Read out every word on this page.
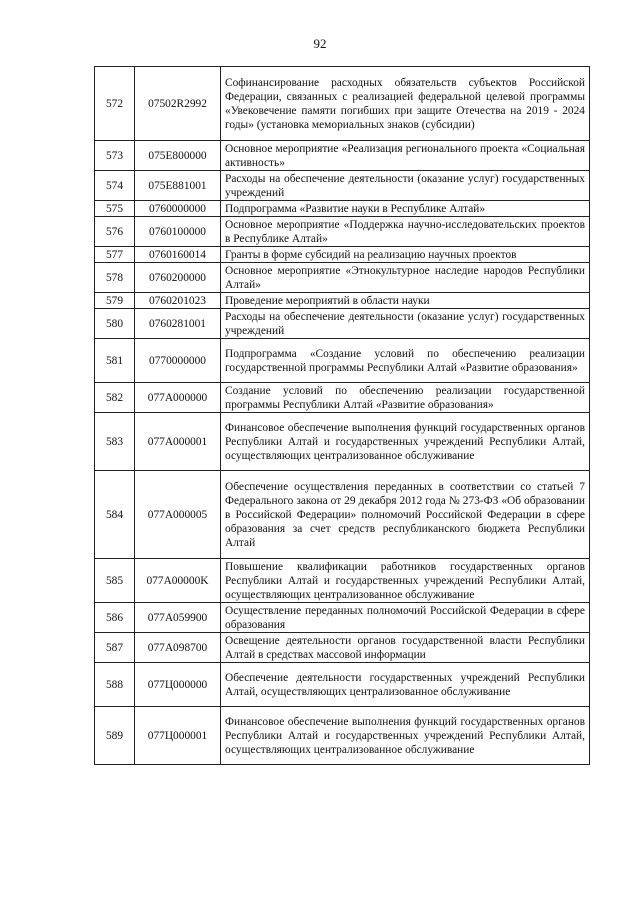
92
572	07502R2992	Софинансирование расходных обязательств субъектов Российской Федерации, связанных с реализацией федеральной целевой программы «Увековечение памяти погибших при защите Отечества на 2019 - 2024 годы» (установка мемориальных знаков (субсидии)
573	075E800000	Основное мероприятие «Реализация регионального проекта «Социальная активность»
574	075E881001	Расходы на обеспечение деятельности (оказание услуг) государственных учреждений
575	0760000000	Подпрограмма «Развитие науки в Республике Алтай»
576	0760100000	Основное мероприятие «Поддержка научно-исследовательских проектов в Республике Алтай»
577	0760160014	Гранты в форме субсидий на реализацию научных проектов
578	0760200000	Основное мероприятие «Этнокультурное наследие народов Республики Алтай»
579	0760201023	Проведение мероприятий в области науки
580	0760281001	Расходы на обеспечение деятельности (оказание услуг) государственных учреждений
581	0770000000	Подпрограмма «Создание условий по обеспечению реализации государственной программы Республики Алтай «Развитие образования»
582	077A000000	Создание условий по обеспечению реализации государственной программы Республики Алтай «Развитие образования»
583	077A000001	Финансовое обеспечение выполнения функций государственных органов Республики Алтай и государственных учреждений Республики Алтай, осуществляющих централизованное обслуживание
584	077A000005	Обеспечение осуществления переданных в соответствии со статьей 7 Федерального закона от 29 декабря 2012 года № 273-ФЗ «Об образовании в Российской Федерации» полномочий Российской Федерации в сфере образования за счет средств республиканского бюджета Республики Алтай
585	077A00000K	Повышение квалификации работников государственных органов Республики Алтай и государственных учреждений Республики Алтай, осуществляющих централизованное обслуживание
586	077A059900	Осуществление переданных полномочий Российской Федерации в сфере образования
587	077A098700	Освещение деятельности органов государственной власти Республики Алтай в средствах массовой информации
588	077Ц000000	Обеспечение деятельности государственных учреждений Республики Алтай, осуществляющих централизованное обслуживание
589	077Ц000001	Финансовое обеспечение выполнения функций государственных органов Республики Алтай и государственных учреждений Республики Алтай, осуществляющих централизованное обслуживание
